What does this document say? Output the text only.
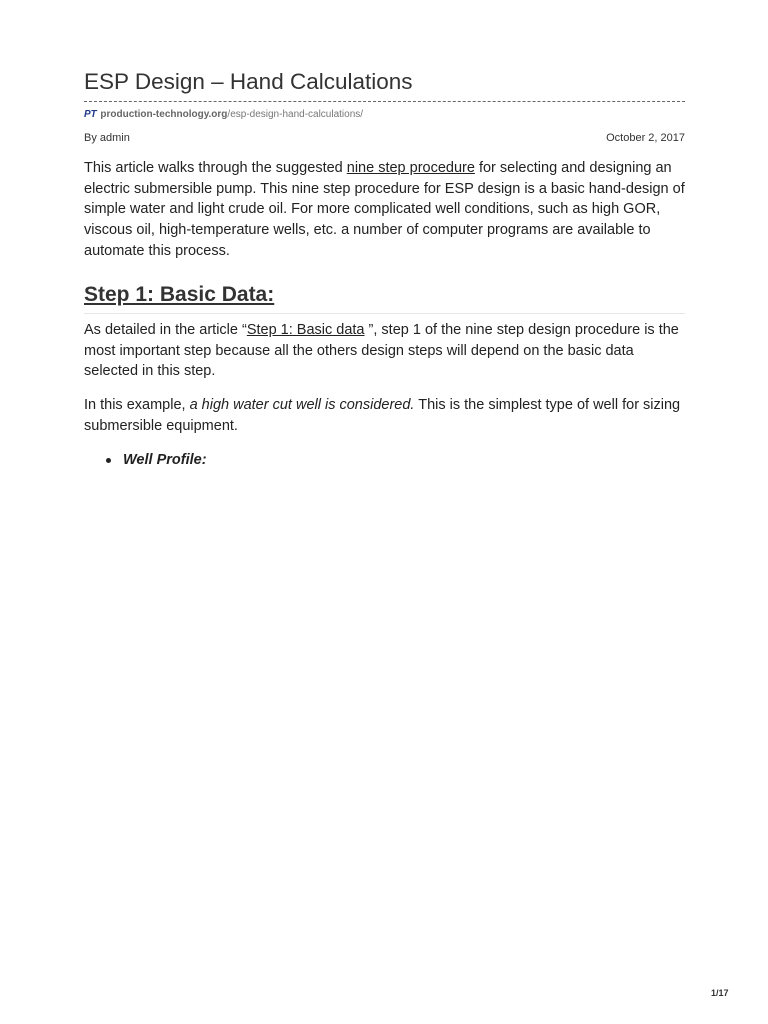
ESP Design – Hand Calculations
PT production-technology.org/esp-design-hand-calculations/
By admin	October 2, 2017

This article walks through the suggested nine step procedure for selecting and designing an electric submersible pump. This nine step procedure for ESP design is a basic hand-design of simple water and light crude oil. For more complicated well conditions, such as high GOR, viscous oil, high-temperature wells, etc. a number of computer programs are available to automate this process.

Step 1: Basic Data:

As detailed in the article “Step 1: Basic data ”, step 1 of the nine step design procedure is the most important step because all the others design steps will depend on the basic data selected in this step.

In this example, a high water cut well is considered. This is the simplest type of well for sizing submersible equipment.

Well Profile:
1/17
